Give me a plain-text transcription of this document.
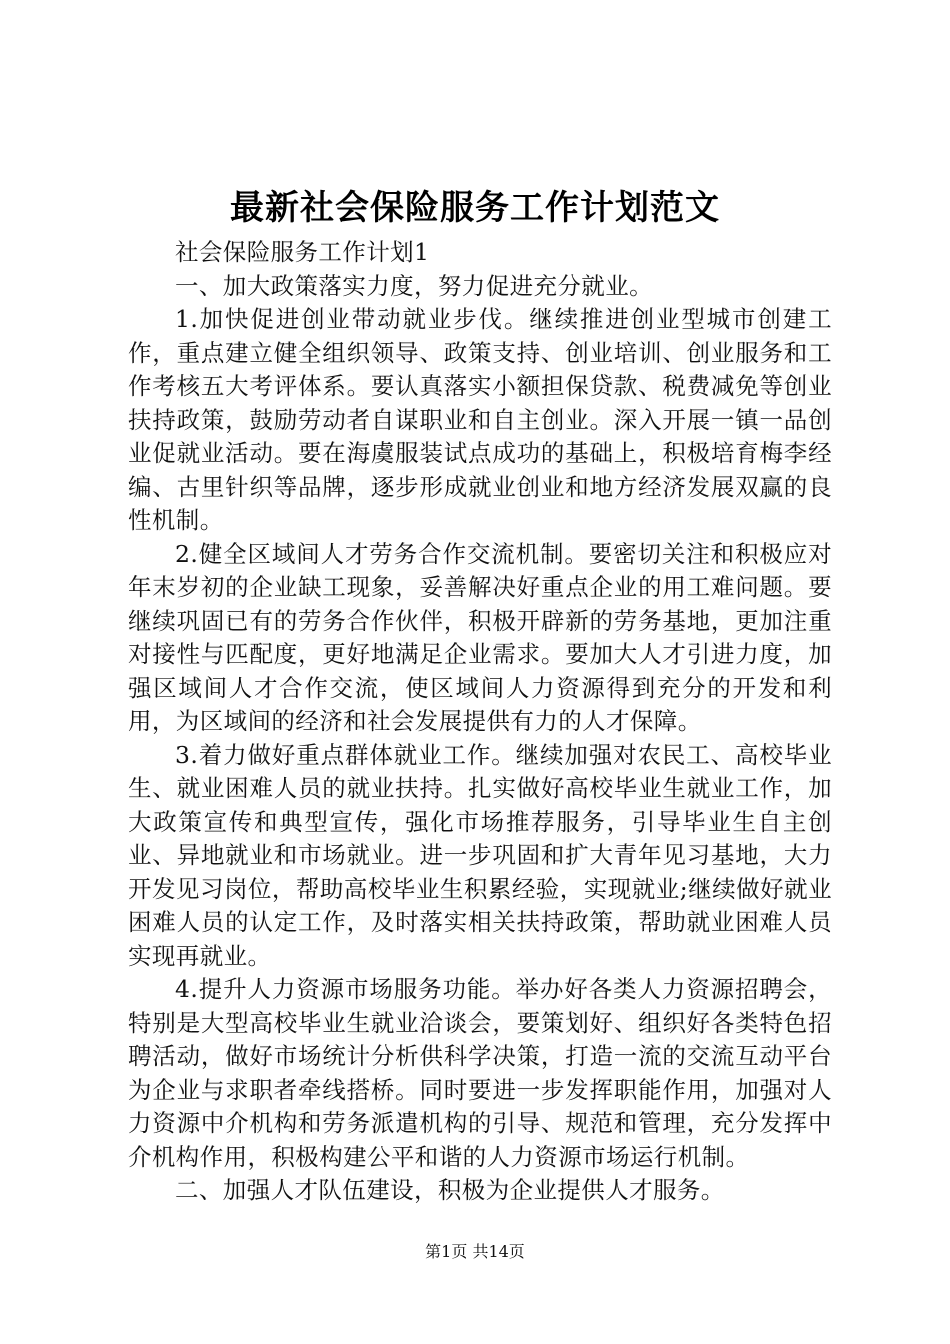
最新社会保险服务工作计划范文

社会保险服务工作计划1

一、加大政策落实力度，努力促进充分就业。

1.加快促进创业带动就业步伐。继续推进创业型城市创建工作，重点建立健全组织领导、政策支持、创业培训、创业服务和工作考核五大考评体系。要认真落实小额担保贷款、税费减免等创业扶持政策，鼓励劳动者自谋职业和自主创业。深入开展一镇一品创业促就业活动。要在海虞服装试点成功的基础上，积极培育梅李经编、古里针织等品牌，逐步形成就业创业和地方经济发展双赢的良性机制。

2.健全区域间人才劳务合作交流机制。要密切关注和积极应对年末岁初的企业缺工现象，妥善解决好重点企业的用工难问题。要继续巩固已有的劳务合作伙伴，积极开辟新的劳务基地，更加注重对接性与匹配度，更好地满足企业需求。要加大人才引进力度，加强区域间人才合作交流，使区域间人力资源得到充分的开发和利用，为区域间的经济和社会发展提供有力的人才保障。

3.着力做好重点群体就业工作。继续加强对农民工、高校毕业生、就业困难人员的就业扶持。扎实做好高校毕业生就业工作，加大政策宣传和典型宣传，强化市场推荐服务，引导毕业生自主创业、异地就业和市场就业。进一步巩固和扩大青年见习基地，大力开发见习岗位，帮助高校毕业生积累经验，实现就业;继续做好就业困难人员的认定工作，及时落实相关扶持政策，帮助就业困难人员实现再就业。

4.提升人力资源市场服务功能。举办好各类人力资源招聘会，特别是大型高校毕业生就业洽谈会，要策划好、组织好各类特色招聘活动，做好市场统计分析供科学决策，打造一流的交流互动平台为企业与求职者牵线搭桥。同时要进一步发挥职能作用，加强对人力资源中介机构和劳务派遣机构的引导、规范和管理，充分发挥中介机构作用，积极构建公平和谐的人力资源市场运行机制。

二、加强人才队伍建设，积极为企业提供人才服务。

第1页 共14页
